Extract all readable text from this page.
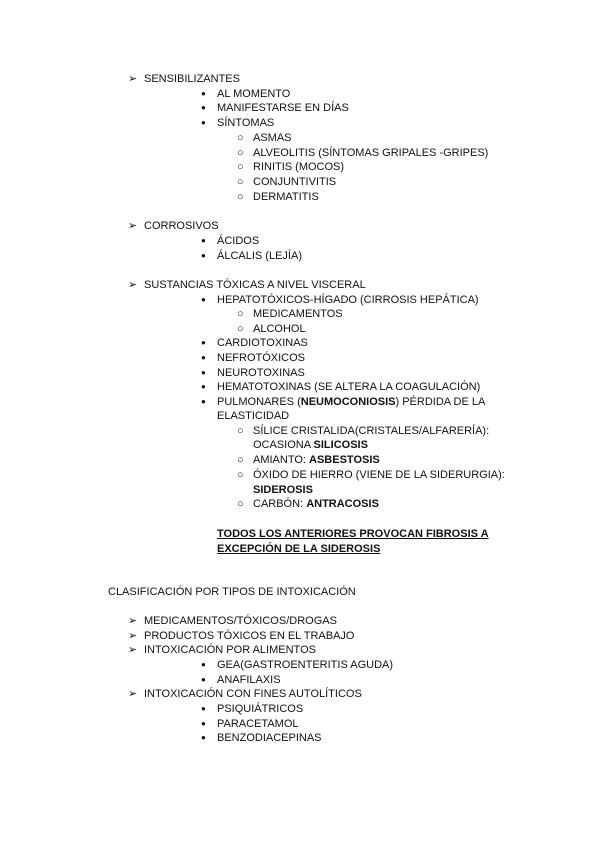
➢ SENSIBILIZANTES
● AL MOMENTO
● MANIFESTARSE EN DÍAS
● SÍNTOMAS
○ ASMAS
○ ALVEOLITIS (SÍNTOMAS GRIPALES -GRIPES)
○ RINITIS (MOCOS)
○ CONJUNTIVITIS
○ DERMATITIS
➢ CORROSIVOS
● ÁCIDOS
● ÁLCALIS (LEJÍA)
➢ SUSTANCIAS TÓXICAS A NIVEL VISCERAL
● HEPATOTÓXICOS-HÍGADO (CIRROSIS HEPÁTICA)
○ MEDICAMENTOS
○ ALCOHOL
● CARDIOTOXINAS
● NEFROTÓXICOS
● NEUROTOXINAS
● HEMATOTOXINAS (SE ALTERA LA COAGULACIÓN)
● PULMONARES (NEUMOCONIOSIS) PÉRDIDA DE LA
ELASTICIDAD
○ SÍLICE CRISTALIDA(CRISTALES/ALFARERÍA):
OCASIONA SILICOSIS
○ AMIANTO: ASBESTOSIS
○ ÓXIDO DE HIERRO (VIENE DE LA SIDERURGIA):
SIDEROSIS
○ CARBÓN: ANTRACOSIS
TODOS LOS ANTERIORES PROVOCAN FIBROSIS A
EXCEPCIÓN DE LA SIDEROSIS
CLASIFICACIÓN POR TIPOS DE INTOXICACIÓN
➢ MEDICAMENTOS/TÓXICOS/DROGAS
➢ PRODUCTOS TÓXICOS EN EL TRABAJO
➢ INTOXICACIÓN POR ALIMENTOS
● GEA(GASTROENTERITIS AGUDA)
● ANAFILAXIS
➢ INTOXICACIÓN CON FINES AUTOLÍTICOS
● PSIQUIÁTRICOS
● PARACETAMOL
● BENZODIACEPINAS
